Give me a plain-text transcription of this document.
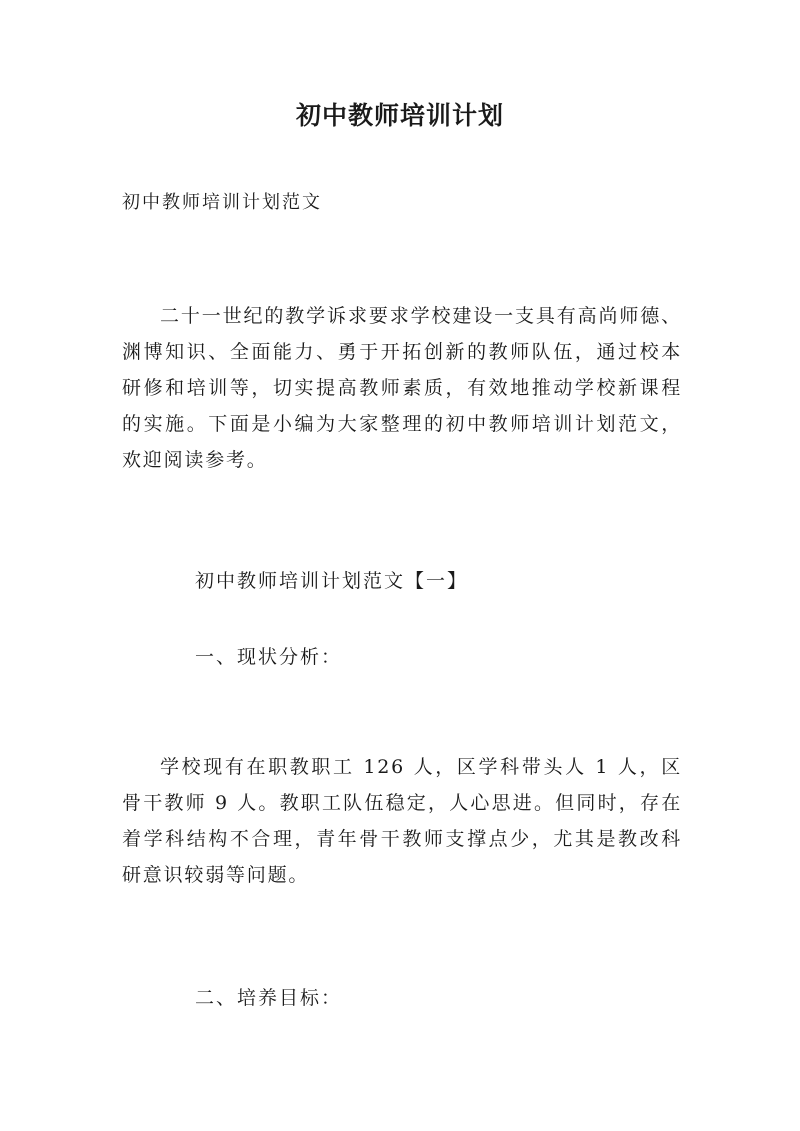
初中教师培训计划
初中教师培训计划范文

二十一世纪的教学诉求要求学校建设一支具有高尚师德、渊博知识、全面能力、勇于开拓创新的教师队伍，通过校本研修和培训等，切实提高教师素质，有效地推动学校新课程的实施。下面是小编为大家整理的初中教师培训计划范文，欢迎阅读参考。

初中教师培训计划范文【一】
一、现状分析：

学校现有在职教职工 126 人，区学科带头人 1 人，区骨干教师 9 人。教职工队伍稳定，人心思进。但同时，存在着学科结构不合理，青年骨干教师支撑点少，尤其是教改科研意识较弱等问题。

二、培养目标：
